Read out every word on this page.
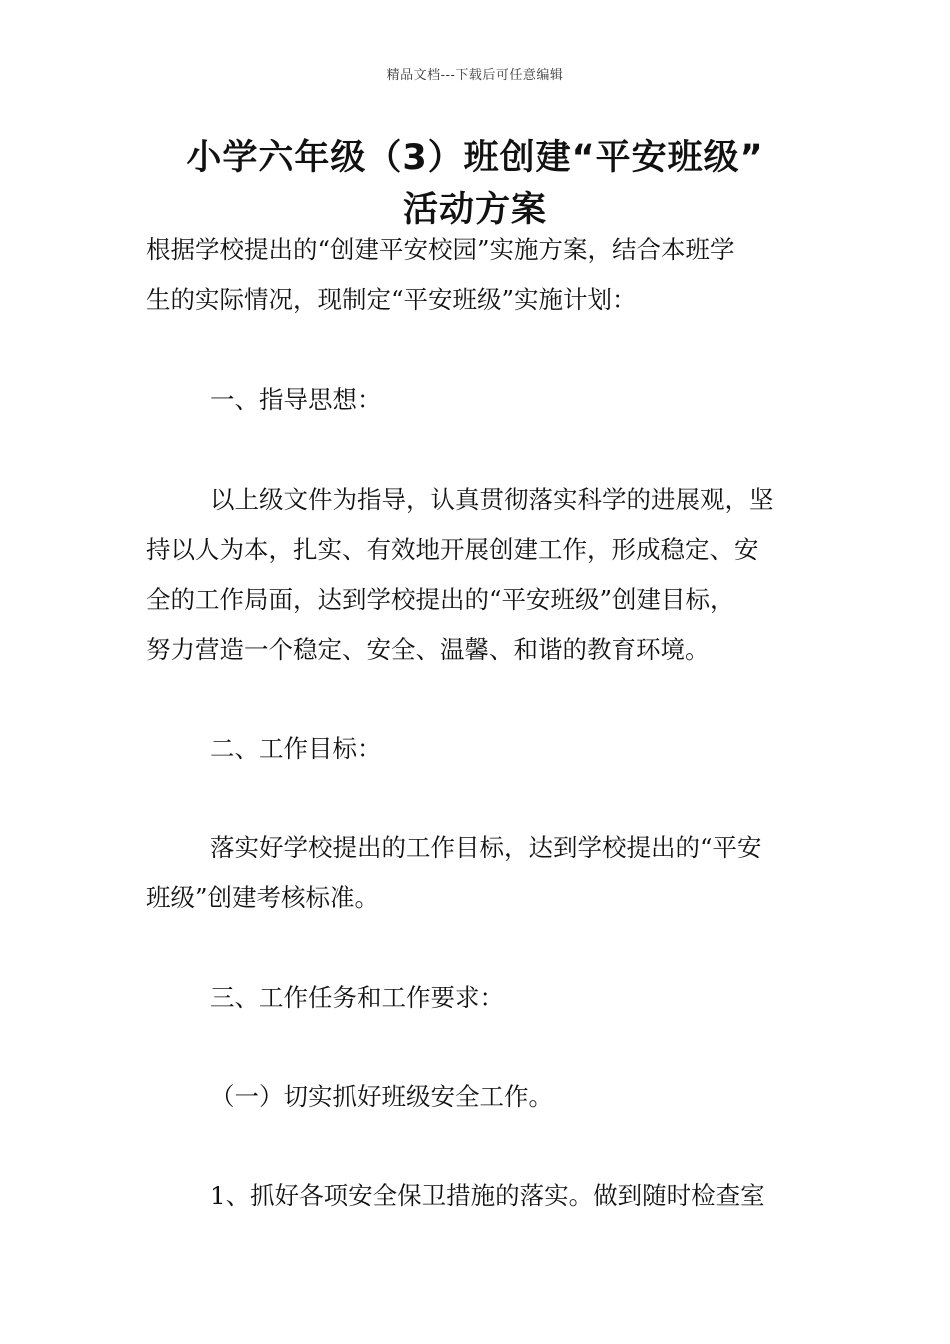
精品文档---下载后可任意编辑
小学六年级（3）班创建“平安班级”
活动方案
根据学校提出的“创建平安校园”实施方案，结合本班学
生的实际情况，现制定“平安班级”实施计划：
一、指导思想：
以上级文件为指导，认真贯彻落实科学的进展观，坚
持以人为本，扎实、有效地开展创建工作，形成稳定、安
全的工作局面，达到学校提出的“平安班级”创建目标，
努力营造一个稳定、安全、温馨、和谐的教育环境。
二、工作目标：
落实好学校提出的工作目标，达到学校提出的“平安
班级”创建考核标准。
三、工作任务和工作要求：
（一）切实抓好班级安全工作。
1、抓好各项安全保卫措施的落实。做到随时检查室
